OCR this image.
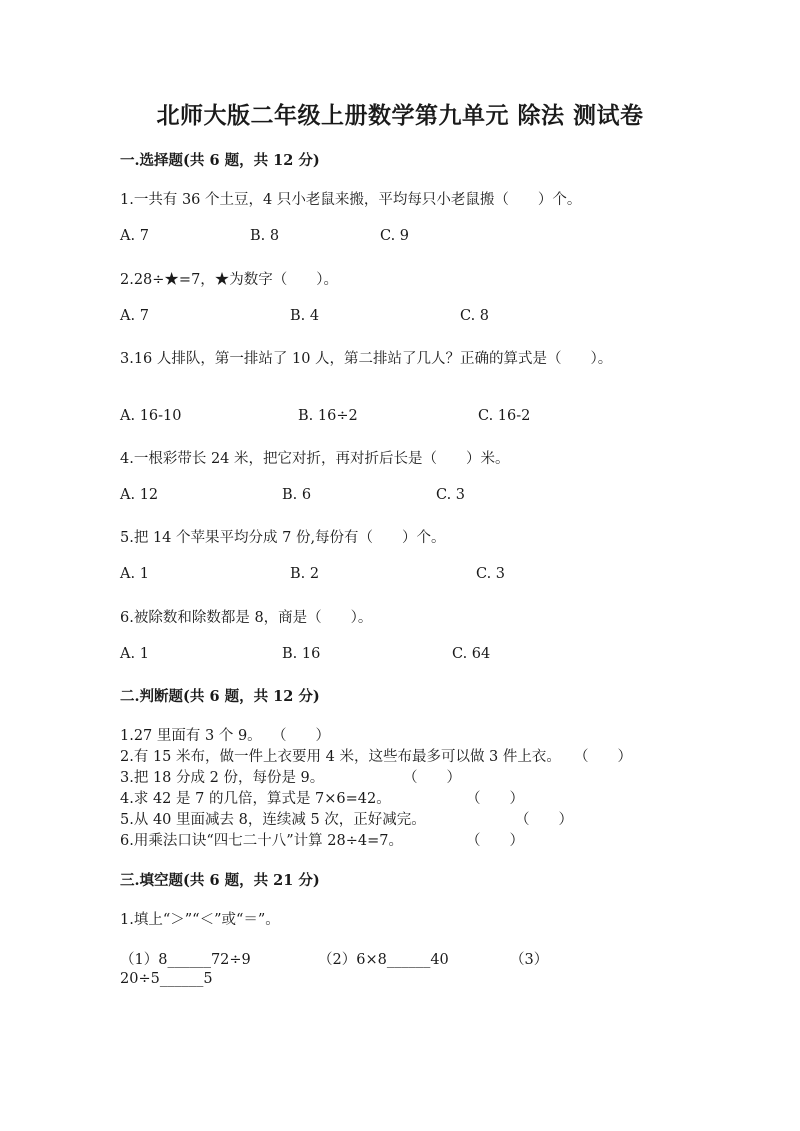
北师大版二年级上册数学第九单元 除法 测试卷
一.选择题(共 6 题，共 12 分)
1.一共有 36 个土豆，4 只小老鼠来搬，平均每只小老鼠搬（　　）个。
A. 7	B. 8	C. 9
2.28÷★=7，★为数字（　　）。
A. 7	B. 4	C. 8
3.16 人排队，第一排站了 10 人，第二排站了几人？正确的算式是（　　）。
A. 16-10	B. 16÷2	C. 16-2
4.一根彩带长 24 米，把它对折，再对折后长是（　　）米。
A. 12	B. 6	C. 3
5.把 14 个苹果平均分成 7 份,每份有（　　）个。
A. 1	B. 2	C. 3
6.被除数和除数都是 8，商是（　　）。
A. 1	B. 16	C. 64
二.判断题(共 6 题，共 12 分)
1.27 里面有 3 个 9。 （　　）
2.有 15 米布，做一件上衣要用 4 米，这些布最多可以做 3 件上衣。 （　　）
3.把 18 分成 2 份，每份是 9。	（　　）
4.求 42 是 7 的几倍，算式是 7×6=42。	（　　）
5.从 40 里面减去 8，连续减 5 次，正好减完。	（　　）
6.用乘法口诀“四七二十八”计算 28÷4=7。	（　　）
三.填空题(共 6 题，共 21 分)
1.填上“＞”“＜”或“＝”。
（1）8______72÷9	（2）6×8______40	（3）
20÷5______5
